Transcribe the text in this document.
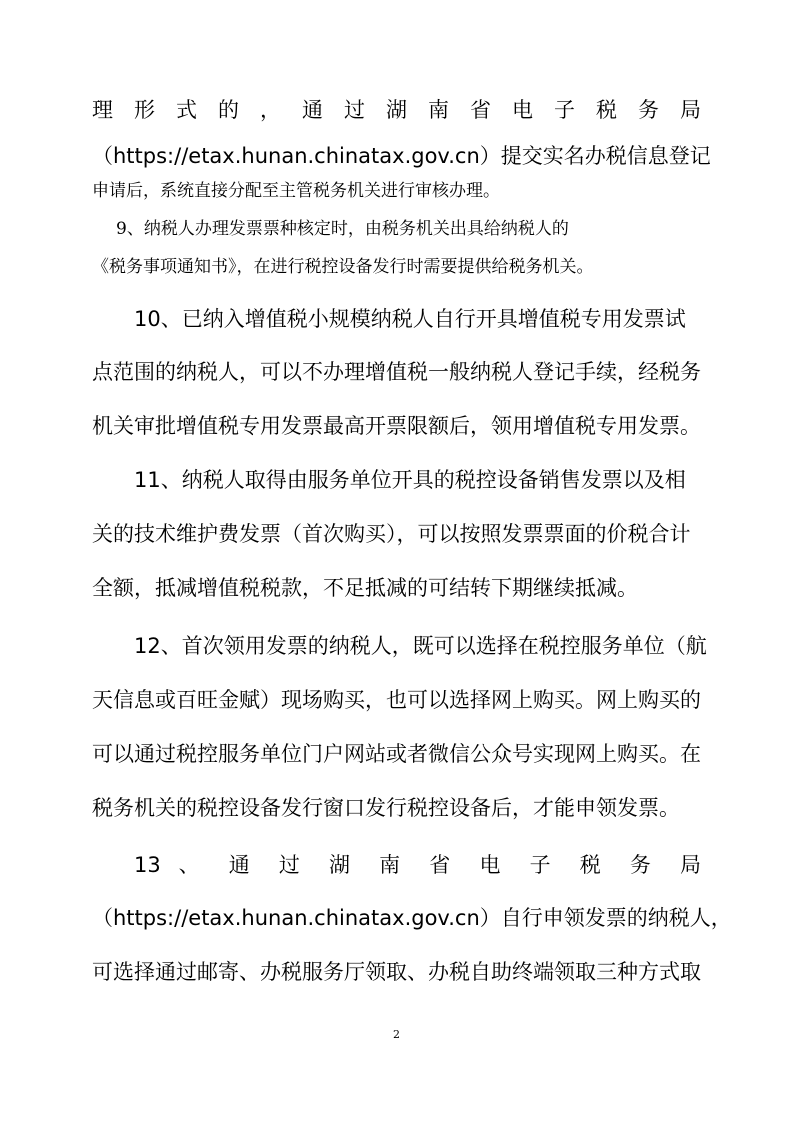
理 形 式 的 ， 通 过 湖 南 省 电 子 税 务 局
（https://etax.hunan.chinatax.gov.cn）提交实名办税信息登记
申请后，系统直接分配至主管税务机关进行审核办理。
9、纳税人办理发票票种核定时，由税务机关出具给纳税人的
《税务事项通知书》，在进行税控设备发行时需要提供给税务机关。
10、已纳入增值税小规模纳税人自行开具增值税专用发票试
点范围的纳税人，可以不办理增值税一般纳税人登记手续，经税务
机关审批增值税专用发票最高开票限额后，领用增值税专用发票。
11、纳税人取得由服务单位开具的税控设备销售发票以及相
关的技术维护费发票（首次购买），可以按照发票票面的价税合计
全额，抵减增值税税款，不足抵减的可结转下期继续抵减。
12、首次领用发票的纳税人，既可以选择在税控服务单位（航
天信息或百旺金赋）现场购买，也可以选择网上购买。网上购买的
可以通过税控服务单位门户网站或者微信公众号实现网上购买。在
税务机关的税控设备发行窗口发行税控设备后，才能申领发票。
13 、 通 过 湖 南 省 电 子 税 务 局
（https://etax.hunan.chinatax.gov.cn）自行申领发票的纳税人，
可选择通过邮寄、办税服务厅领取、办税自助终端领取三种方式取
2
